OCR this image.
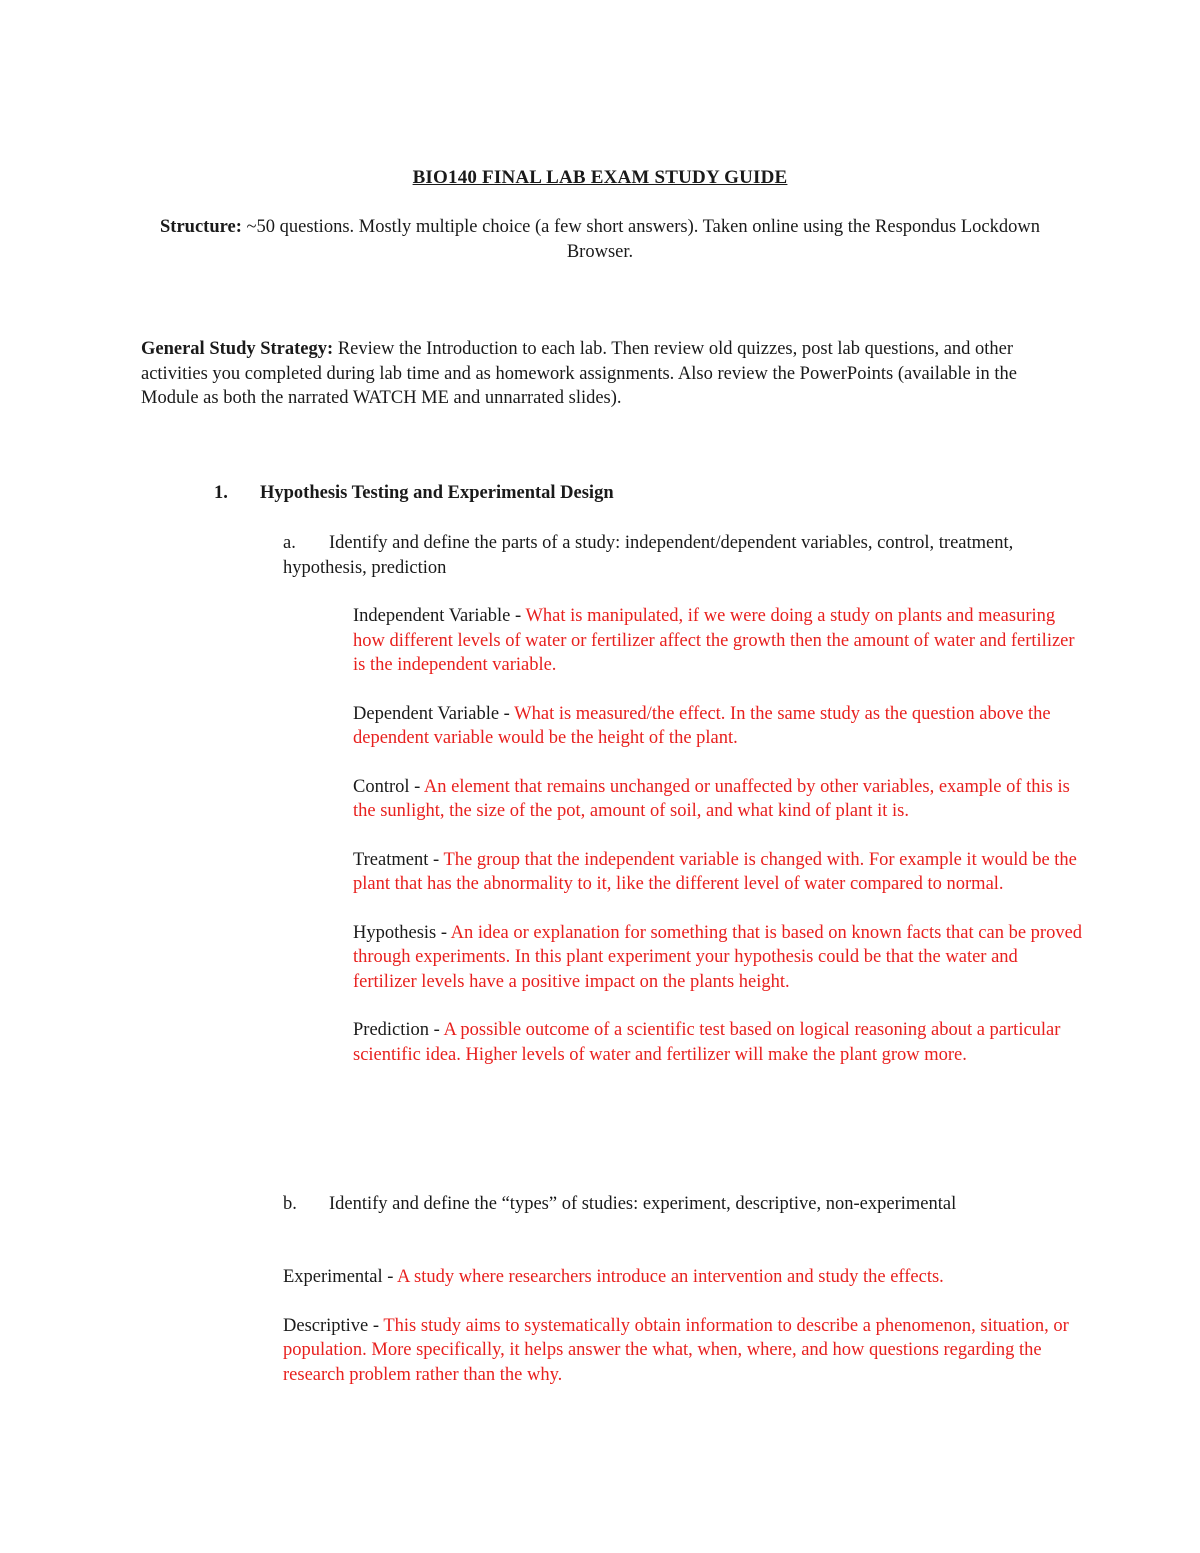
BIO140 FINAL LAB EXAM STUDY GUIDE
Structure: ~50 questions. Mostly multiple choice (a few short answers). Taken online using the Respondus Lockdown Browser.
General Study Strategy: Review the Introduction to each lab. Then review old quizzes, post lab questions, and other activities you completed during lab time and as homework assignments. Also review the PowerPoints (available in the Module as both the narrated WATCH ME and unnarrated slides).
1. Hypothesis Testing and Experimental Design
a. Identify and define the parts of a study: independent/dependent variables, control, treatment, hypothesis, prediction

Independent Variable - What is manipulated, if we were doing a study on plants and measuring how different levels of water or fertilizer affect the growth then the amount of water and fertilizer is the independent variable.

Dependent Variable - What is measured/the effect. In the same study as the question above the dependent variable would be the height of the plant.

Control - An element that remains unchanged or unaffected by other variables, example of this is the sunlight, the size of the pot, amount of soil, and what kind of plant it is.

Treatment - The group that the independent variable is changed with. For example it would be the plant that has the abnormality to it, like the different level of water compared to normal.

Hypothesis - An idea or explanation for something that is based on known facts that can be proved through experiments. In this plant experiment your hypothesis could be that the water and fertilizer levels have a positive impact on the plants height.

Prediction - A possible outcome of a scientific test based on logical reasoning about a particular scientific idea. Higher levels of water and fertilizer will make the plant grow more.

b. Identify and define the “types” of studies: experiment, descriptive, non-experimental

Experimental - A study where researchers introduce an intervention and study the effects.

Descriptive - This study aims to systematically obtain information to describe a phenomenon, situation, or population. More specifically, it helps answer the what, when, where, and how questions regarding the research problem rather than the why.
